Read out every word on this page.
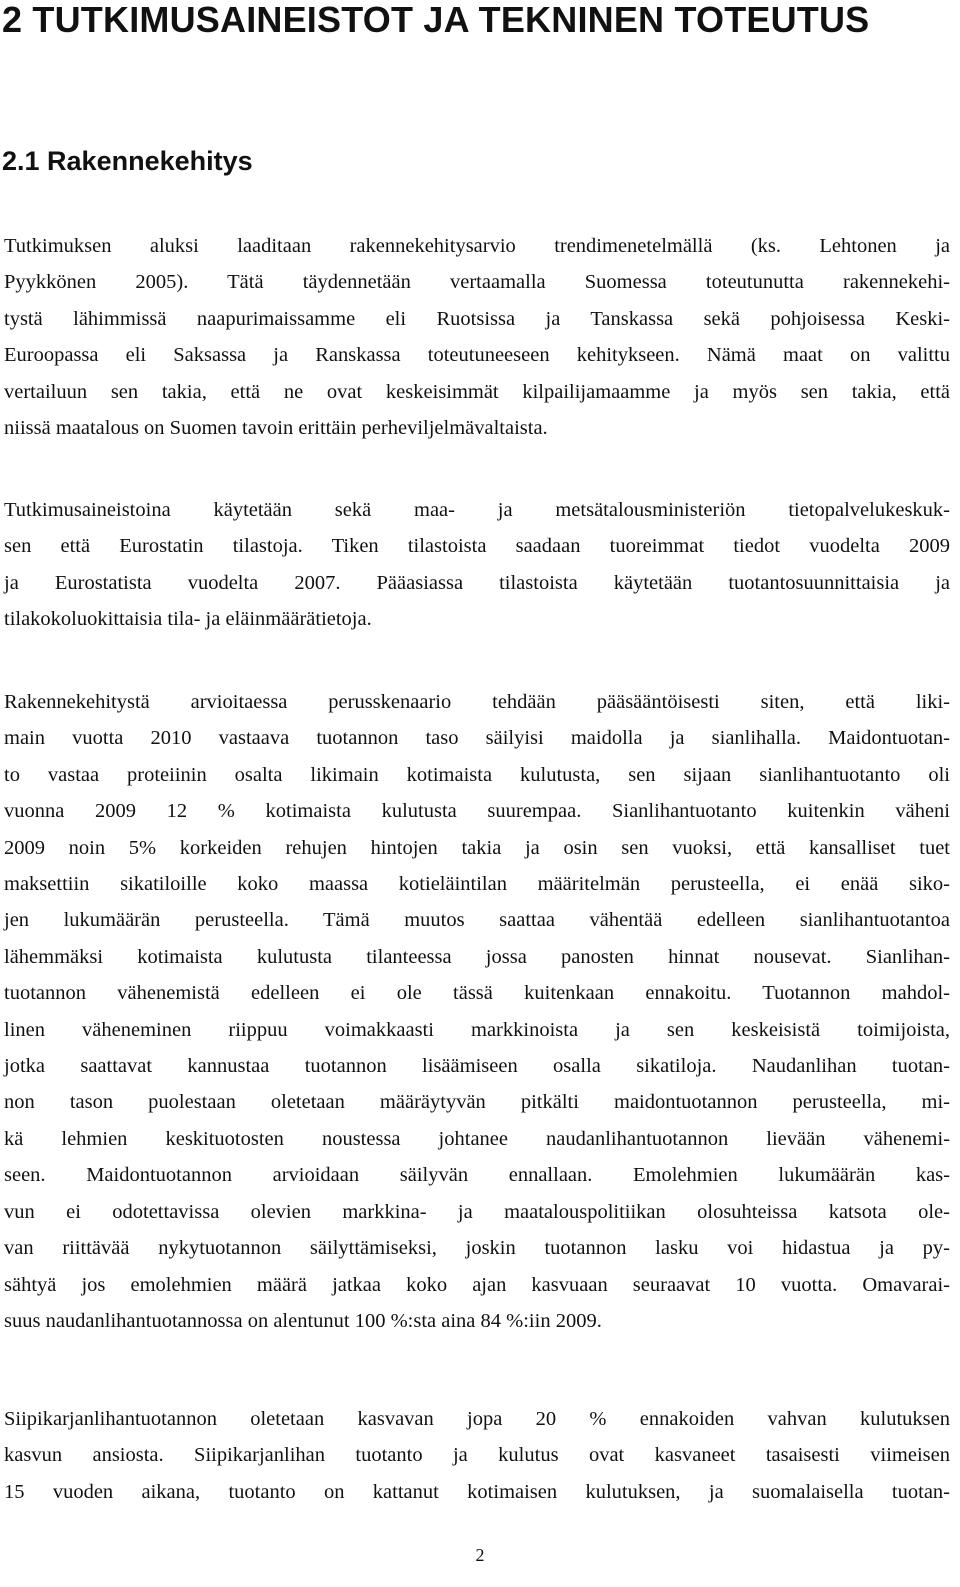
2 TUTKIMUSAINEISTOT JA TEKNINEN TOTEUTUS
2.1 Rakennekehitys
Tutkimuksen aluksi laaditaan rakennekehitysarvio trendimenetelmällä (ks. Lehtonen ja
Pyykkönen 2005). Tätä täydennetään vertaamalla Suomessa toteutunutta rakennekehi-
tystä lähimmissä naapurimaissamme eli Ruotsissa ja Tanskassa sekä pohjoisessa Keski-
Euroopassa eli Saksassa ja Ranskassa toteutuneeseen kehitykseen. Nämä maat on valittu
vertailuun sen takia, että ne ovat keskeisimmät kilpailijamaamme ja myös sen takia, että
niissä maatalous on Suomen tavoin erittäin perheviljelmävaltaista.
Tutkimusaineistoina käytetään sekä maa- ja metsätalousministeriön tietopalvelukeskuk-
sen että Eurostatin tilastoja. Tiken tilastoista saadaan tuoreimmat tiedot vuodelta 2009
ja Eurostatista vuodelta 2007. Pääasiassa tilastoista käytetään tuotantosuunnittaisia ja
tilakokoluokittaisia tila- ja eläinmäärätietoja.
Rakennekehitystä arvioitaessa perusskenaario tehdään pääsääntöisesti siten, että liki-
main vuotta 2010 vastaava tuotannon taso säilyisi maidolla ja sianlihalla. Maidontuotan-
to vastaa proteiinin osalta likimain kotimaista kulutusta, sen sijaan sianlihantuotanto oli
vuonna 2009 12 % kotimaista kulutusta suurempaa. Sianlihantuotanto kuitenkin väheni
2009 noin 5% korkeiden rehujen hintojen takia ja osin sen vuoksi, että kansalliset tuet
maksettiin sikatiloille koko maassa kotieläintilan määritelmän perusteella, ei enää siko-
jen lukumäärän perusteella. Tämä muutos saattaa vähentää edelleen sianlihantuotantoa
lähemmäksi kotimaista kulutusta tilanteessa jossa panosten hinnat nousevat. Sianlihan-
tuotannon vähenemistä edelleen ei ole tässä kuitenkaan ennakoitu. Tuotannon mahdol-
linen väheneminen riippuu voimakkaasti markkinoista ja sen keskeisistä toimijoista,
jotka saattavat kannustaa tuotannon lisäämiseen osalla sikatiloja. Naudanlihan tuotan-
non tason puolestaan oletetaan määräytyvän pitkälti maidontuotannon perusteella, mi-
kä lehmien keskituotosten noustessa johtanee naudanlihantuotannon lievään vähenemi-
seen. Maidontuotannon arvioidaan säilyvän ennallaan. Emolehmien lukumäärän kas-
vun ei odotettavissa olevien markkina- ja maatalouspolitiikan olosuhteissa katsota ole-
van riittävää nykytuotannon säilyttämiseksi, joskin tuotannon lasku voi hidastua ja py-
sähtyä jos emolehmien määrä jatkaa koko ajan kasvuaan seuraavat 10 vuotta. Omavarai-
suus naudanlihantuotannossa on alentunut 100 %:sta aina 84 %:iin 2009.
Siipikarjanlihantuotannon oletetaan kasvavan jopa 20 % ennakoiden vahvan kulutuksen
kasvun ansiosta. Siipikarjanlihan tuotanto ja kulutus ovat kasvaneet tasaisesti viimeisen
15 vuoden aikana, tuotanto on kattanut kotimaisen kulutuksen, ja suomalaisella tuotan-
2
